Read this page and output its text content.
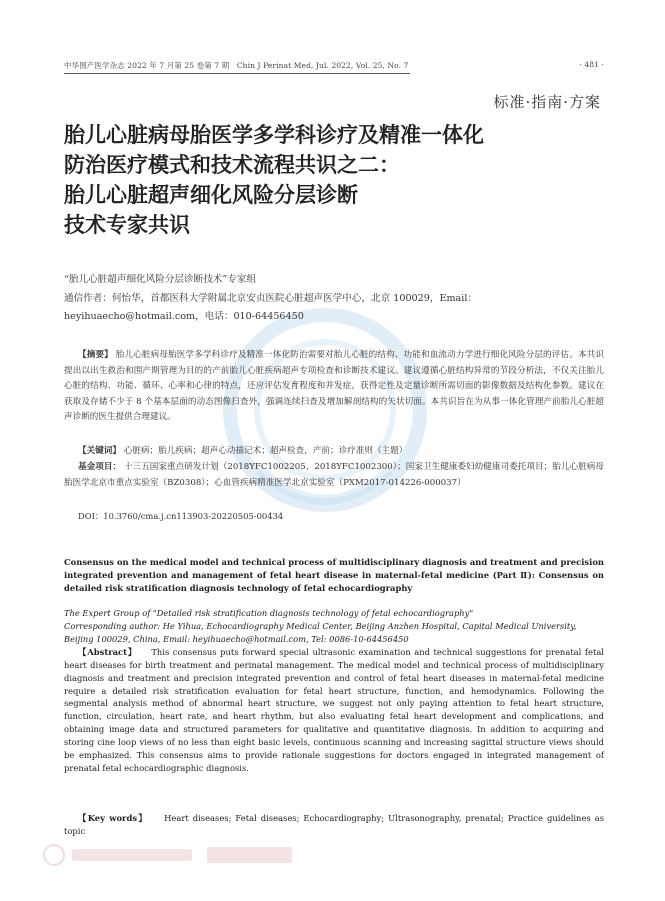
中华围产医学杂志 2022 年 7 月第 25 卷第 7 期　Chin J Perinat Med, Jul. 2022, Vol. 25, No. 7	· 481 ·
标准·指南·方案
胎儿心脏病母胎医学多学科诊疗及精准一体化
防治医疗模式和技术流程共识之二：
胎儿心脏超声细化风险分层诊断
技术专家共识
“胎儿心脏超声细化风险分层诊断技术”专家组
通信作者：何怡华，首都医科大学附属北京安贞医院心脏超声医学中心，北京 100029，Email：heyihuaecho@hotmail.com，电话：010-64456450

【摘要】 胎儿心脏病母胎医学多学科诊疗及精准一体化防治需要对胎儿心脏的结构、功能和血流动力学进行细化风险分层的评估。本共识提出以出生救治和围产期管理为目的的产前胎儿心脏疾病超声专项检查和诊断技术建议。建议遵循心脏结构异常的节段分析法，不仅关注胎儿心脏的结构、功能、循环、心率和心律的特点，还应评估发育程度和并发症，获得定性及定量诊断所需切面的影像数据及结构化参数。建议在获取及存储不少于 8 个基本层面的动态图像扫查外，强调连续扫查及增加解剖结构的矢状切面。本共识旨在为从事一体化管理产前胎儿心脏超声诊断的医生提供合理建议。

【关键词】 心脏病；胎儿疾病；超声心动描记术；超声检查，产前；诊疗准则（主题）
基金项目： 十三五国家重点研发计划（2018YFC1002205、2018YFC1002300）；国家卫生健康委妇幼健康司委托项目；胎儿心脏病母胎医学北京市重点实验室（BZ0308）；心血管疾病精准医学北京实验室（PXM2017-014226-000037）
DOI：10.3760/cma.j.cn113903-20220505-00434
Consensus on the medical model and technical process of multidisciplinary diagnosis and treatment and precision integrated prevention and management of fetal heart disease in maternal-fetal medicine (Part Ⅱ): Consensus on detailed risk stratification diagnosis technology of fetal echocardiography
The Expert Group of "Detailed risk stratification diagnosis technology of fetal echocardiography"
Corresponding author: He Yihua, Echocardiography Medical Center, Beijing Anzhen Hospital, Capital Medical University, Beijing 100029, China, Email: heyihuaecho@hotmail.com, Tel: 0086-10-64456450
【Abstract】 This consensus puts forward special ultrasonic examination and technical suggestions for prenatal fetal heart diseases for birth treatment and perinatal management. The medical model and technical process of multidisciplinary diagnosis and treatment and precision integrated prevention and control of fetal heart diseases in maternal-fetal medicine require a detailed risk stratification evaluation for fetal heart structure, function, and hemodynamics. Following the segmental analysis method of abnormal heart structure, we suggest not only paying attention to fetal heart structure, function, circulation, heart rate, and heart rhythm, but also evaluating fetal heart development and complications, and obtaining image data and structured parameters for qualitative and quantitative diagnosis. In addition to acquiring and storing cine loop views of no less than eight basic levels, continuous scanning and increasing sagittal structure views should be emphasized. This consensus aims to provide rationale suggestions for doctors engaged in integrated management of prenatal fetal echocardiographic diagnosis.
【Key words】 Heart diseases; Fetal diseases; Echocardiography; Ultrasonography, prenatal; Practice guidelines as topic
